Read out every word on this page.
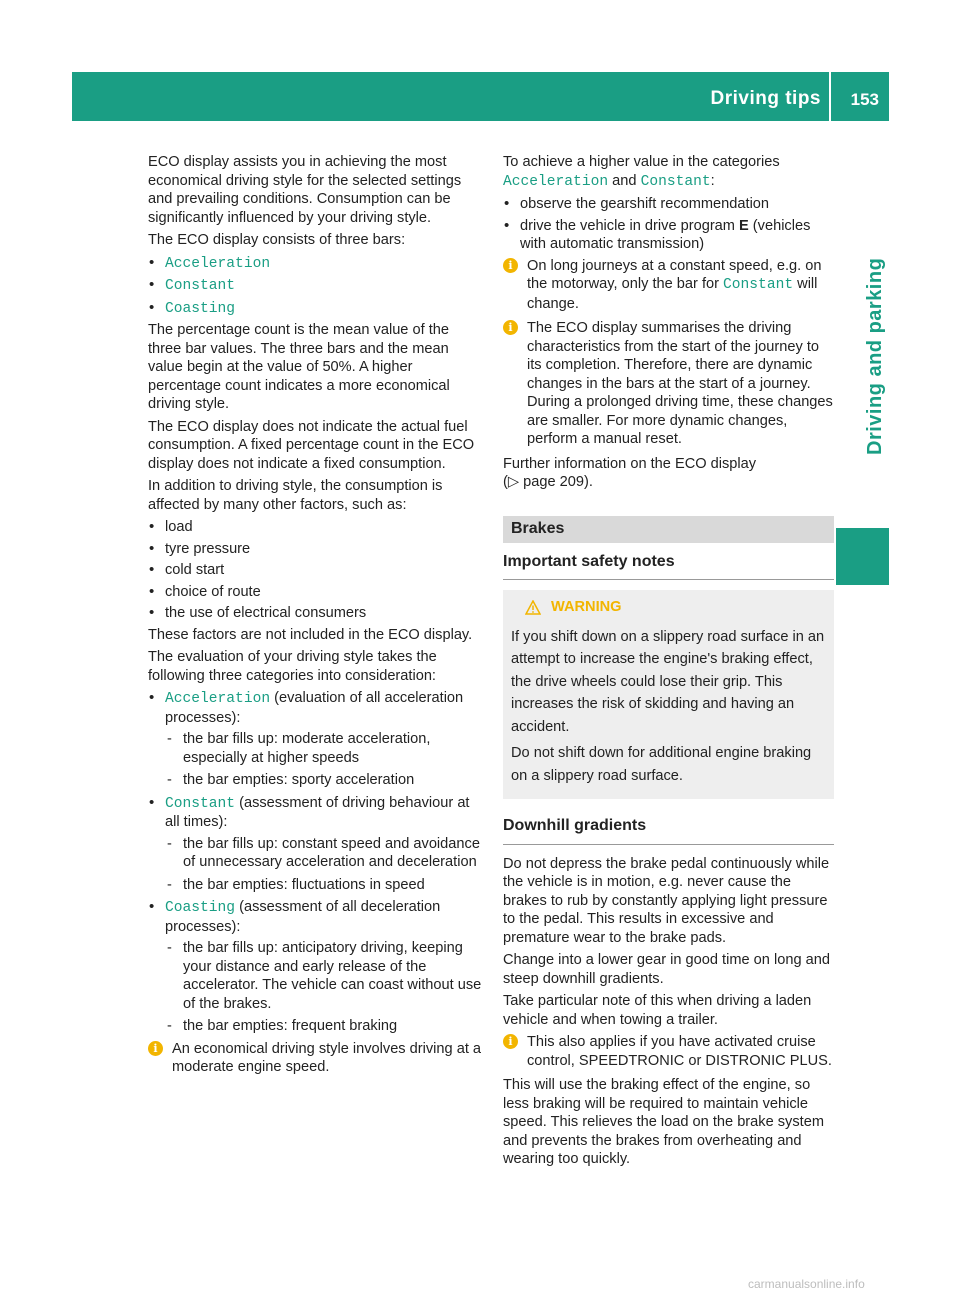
Driving tips 153
Driving and parking

ECO display assists you in achieving the most economical driving style for the selected settings and prevailing conditions. Consumption can be significantly influenced by your driving style.

The ECO display consists of three bars:

• Acceleration
• Constant
• Coasting

The percentage count is the mean value of the three bar values. The three bars and the mean value begin at the value of 50%. A higher percentage count indicates a more economical driving style.

The ECO display does not indicate the actual fuel consumption. A fixed percentage count in the ECO display does not indicate a fixed consumption.

In addition to driving style, the consumption is affected by many other factors, such as:

• load
• tyre pressure
• cold start
• choice of route
• the use of electrical consumers

These factors are not included in the ECO display.

The evaluation of your driving style takes the following three categories into consideration:

• Acceleration (evaluation of all acceleration processes):
- the bar fills up: moderate acceleration, especially at higher speeds
- the bar empties: sporty acceleration
• Constant (assessment of driving behaviour at all times):
- the bar fills up: constant speed and avoidance of unnecessary acceleration and deceleration
- the bar empties: fluctuations in speed
• Coasting (assessment of all deceleration processes):
- the bar fills up: anticipatory driving, keeping your distance and early release of the accelerator. The vehicle can coast without use of the brakes.
- the bar empties: frequent braking
i An economical driving style involves driving at a moderate engine speed.

To achieve a higher value in the categories
Acceleration and Constant:

• observe the gearshift recommendation
• drive the vehicle in drive program E (vehicles with automatic transmission)
i On long journeys at a constant speed, e.g. on the motorway, only the bar for Constant will change.
i The ECO display summarises the driving characteristics from the start of the journey to its completion. Therefore, there are dynamic changes in the bars at the start of a journey. During a prolonged driving time, these changes are smaller. For more dynamic changes, perform a manual reset.

Further information on the ECO display
(▷ page 209).

Brakes
Important safety notes
WARNING

If you shift down on a slippery road surface in an attempt to increase the engine's braking effect, the drive wheels could lose their grip. This increases the risk of skidding and having an accident.

Do not shift down for additional engine braking on a slippery road surface.

Downhill gradients

Do not depress the brake pedal continuously while the vehicle is in motion, e.g. never cause the brakes to rub by constantly applying light pressure to the pedal. This results in excessive and premature wear to the brake pads.

Change into a lower gear in good time on long and steep downhill gradients.

Take particular note of this when driving a laden vehicle and when towing a trailer.

i This also applies if you have activated cruise control, SPEEDTRONIC or DISTRONIC PLUS.

This will use the braking effect of the engine, so less braking will be required to maintain vehicle speed. This relieves the load on the brake system and prevents the brakes from overheating and wearing too quickly.

carmanualsonline.info
